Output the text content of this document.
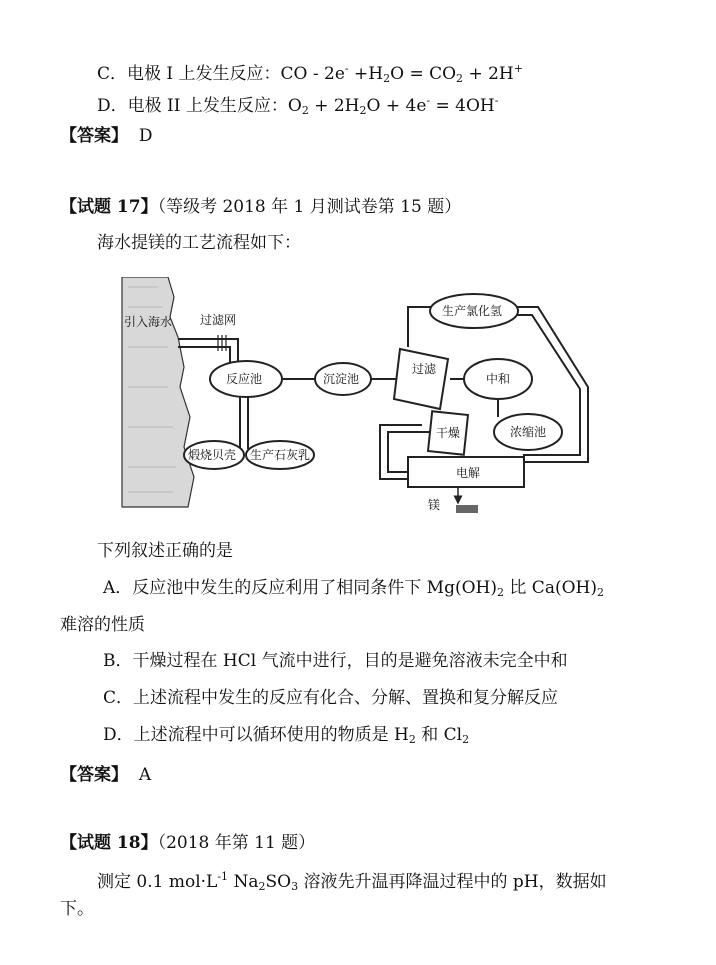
C．电极 I 上发生反应：CO - $2e^- +H_2O = CO_2 + 2H^+$
D．电极 II 上发生反应：$O_2 + 2H_2O + 4e^- = 4OH^-$
【答案】 D
【试题 17】（等级考 2018 年 1 月测试卷第 15 题）
海水提镁的工艺流程如下：
引入海水 过滤网
反应池	沉淀池
过滤
中和
生产氯化氢
干燥	浓缩池
电解
煅烧贝壳 生产石灰乳
镁
下列叙述正确的是
A．反应池中发生的反应利用了相同条件下 $Mg(OH)_2$ 比 $Ca(OH)_2$
难溶的性质
B．干燥过程在 HCl 气流中进行，目的是避免溶液未完全中和
C．上述流程中发生的反应有化合、分解、置换和复分解反应
D．上述流程中可以循环使用的物质是 $H_2$ 和 $Cl_2$
【答案】 A
【试题 18】（2018 年第 11 题）
测定 0.1 $mol\cdot L^{-1}$ $Na_2SO_3$ 溶液先升温再降温过程中的 pH，数据如
下。
